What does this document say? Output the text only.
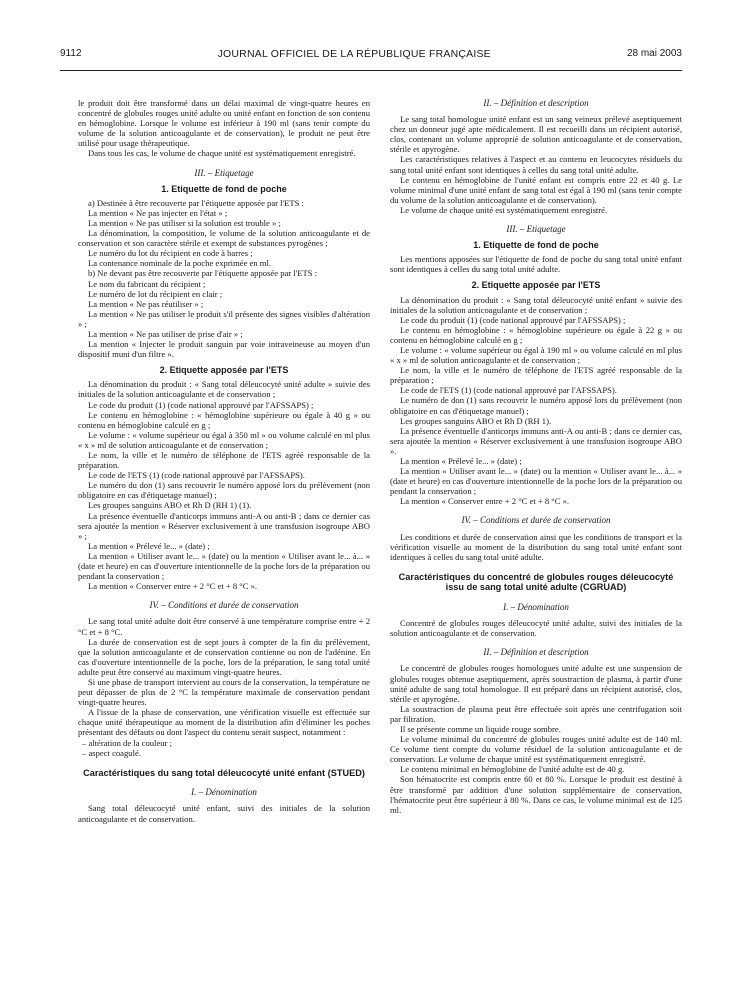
9112	JOURNAL OFFICIEL DE LA RÉPUBLIQUE FRANÇAISE	28 mai 2003

le produit doit être transformé dans un délai maximal de vingt-quatre heures en concentré de globules rouges unité adulte ou unité enfant en fonction de son contenu en hémoglobine. Lorsque le volume est inférieur à 190 ml (sans tenir compte du volume de la solution anticoagulante et de conservation), le produit ne peut être utilisé pour usage thérapeutique.

Dans tous les cas, le volume de chaque unité est systématiquement enregistré.

III. – Etiquetage
1. Etiquette de fond de poche

a) Destinée à être recouverte par l'étiquette apposée par l'ETS :

La mention « Ne pas injecter en l'état » ;

La mention « Ne pas utiliser si la solution est trouble » ;

La dénomination, la composition, le volume de la solution anticoagulante et de conservation et son caractère stérile et exempt de substances pyrogènes ;

Le numéro du lot du récipient en code à barres ;

La contenance nominale de la poche exprimée en ml.

b) Ne devant pas être recouverte par l'étiquette apposée par l'ETS :

Le nom du fabricant du récipient ;

Le numéro de lot du récipient en clair ;

La mention « Ne pas réutiliser » ;

La mention « Ne pas utiliser le produit s'il présente des signes visibles d'altération » ;

La mention « Ne pas utiliser de prise d'air » ;

La mention « Injecter le produit sanguin par voie intraveineuse au moyen d'un dispositif muni d'un filtre ».

2. Etiquette apposée par l'ETS

La dénomination du produit : « Sang total déleucocyté unité adulte » suivie des initiales de la solution anticoagulante et de conservation ;

Le code du produit (1) (code national approuvé par l'AFSSAPS) ;

Le contenu en hémoglobine : « hémoglobine supérieure ou égale à 40 g » ou contenu en hémoglobine calculé en g ;

Le volume : « volume supérieur ou égal à 350 ml » ou volume calculé en ml plus « x » ml de solution anticoagulante et de conservation ;

Le nom, la ville et le numéro de téléphone de l'ETS agréé responsable de la préparation.

Le code de l'ETS (1) (code national approuvé par l'AFSSAPS).

Le numéro du don (1) sans recouvrir le numéro apposé lors du prélèvement (non obligatoire en cas d'étiquetage manuel) ;

Les groupes sanguins ABO et Rh D (RH 1) (1).

La présence éventuelle d'anticorps immuns anti-A ou anti-B ; dans ce dernier cas sera ajoutée la mention « Réserver exclusivement à une transfusion isogroupe ABO » ;

La mention « Prélevé le... » (date) ;

La mention « Utiliser avant le... » (date) ou la mention « Utiliser avant le... à... » (date et heure) en cas d'ouverture intentionnelle de la poche lors de la préparation ou pendant la conservation ;

La mention « Conserver entre + 2 °C et + 8 °C ».

IV. – Conditions et durée de conservation

Le sang total unité adulte doit être conservé à une température comprise entre + 2 °C et + 8 °C.

La durée de conservation est de sept jours à compter de la fin du prélèvement, que la solution anticoagulante et de conservation contienne ou non de l'adénine. En cas d'ouverture intentionnelle de la poche, lors de la préparation, le sang total unité adulte peut être conservé au maximum vingt-quatre heures.

Si une phase de transport intervient au cours de la conservation, la température ne peut dépasser de plus de 2 °C la température maximale de conservation pendant vingt-quatre heures.

A l'issue de la phase de conservation, une vérification visuelle est effectuée sur chaque unité thérapeutique au moment de la distribution afin d'éliminer les poches présentant des défauts ou dont l'aspect du contenu serait suspect, notamment :

– altération de la couleur ;

– aspect coagulé.

Caractéristiques du sang total déleucocyté unité enfant (STUED)
I. – Dénomination

Sang total déleucocyté unité enfant, suivi des initiales de la solution anticoagulante et de conservation.

II. – Définition et description

Le sang total homologue unité enfant est un sang veineux prélevé aseptiquement chez un donneur jugé apte médicalement. Il est recueilli dans un récipient autorisé, clos, contenant un volume approprié de solution anticoagulante et de conservation, stérile et apyrogène.

Les caractéristiques relatives à l'aspect et au contenu en leucocytes résiduels du sang total unité enfant sont identiques à celles du sang total unité adulte.

Le contenu en hémoglobine de l'unité enfant est compris entre 22 et 40 g. Le volume minimal d'une unité enfant de sang total est égal à 190 ml (sans tenir compte du volume de la solution anticoagulante et de conservation).

Le volume de chaque unité est systématiquement enregistré.

III. – Etiquetage
1. Etiquette de fond de poche

Les mentions apposées sur l'étiquette de fond de poche du sang total unité enfant sont identiques à celles du sang total unité adulte.

2. Etiquette apposée par l'ETS

La dénomination du produit : « Sang total déleucocyté unité enfant » suivie des initiales de la solution anticoagulante et de conservation ;

Le code du produit (1) (code national approuvé par l'AFSSAPS) ;

Le contenu en hémoglobine : « hémoglobine supérieure ou égale à 22 g » ou contenu en hémoglobine calculé en g ;

Le volume : « volume supérieur ou égal à 190 ml » ou volume calculé en ml plus « x » ml de solution anticoagulante et de conservation ;

Le nom, la ville et le numéro de téléphone de l'ETS agréé responsable de la préparation ;

Le code de l'ETS (1) (code national approuvé par l'AFSSAPS).

Le numéro de don (1) sans recouvrir le numéro apposé lors du prélèvement (non obligatoire en cas d'étiquetage manuel) ;

Les groupes sanguins ABO et Rh D (RH 1).

La présence éventuelle d'anticorps immuns anti-A ou anti-B ; dans ce dernier cas, sera ajoutée la mention « Réserver exclusivement à une transfusion isogroupe ABO ».

La mention « Prélevé le... » (date) ;

La mention « Utiliser avant le... » (date) ou la mention « Utiliser avant le... à... » (date et heure) en cas d'ouverture intentionnelle de la poche lors de la préparation ou pendant la conservation ;

La mention « Conserver entre + 2 °C et + 8 °C ».

IV. – Conditions et durée de conservation

Les conditions et durée de conservation ainsi que les conditions de transport et la vérification visuelle au moment de la distribution du sang total unité enfant sont identiques à celles du sang total unité adulte.

Caractéristiques du concentré de globules rouges déleucocyté issu de sang total unité adulte (CGRUAD)
I. – Dénomination

Concentré de globules rouges déleucocyté unité adulte, suivi des initiales de la solution anticoagulante et de conservation.

II. – Définition et description

Le concentré de globules rouges homologues unité adulte est une suspension de globules rouges obtenue aseptiquement, après soustraction de plasma, à partir d'une unité adulte de sang total homologue. Il est préparé dans un récipient autorisé, clos, stérile et apyrogène.

La soustraction de plasma peut être effectuée soit après une centrifugation soit par filtration.

Il se présente comme un liquide rouge sombre.

Le volume minimal du concentré de globules rouges unité adulte est de 140 ml. Ce volume tient compte du volume résiduel de la solution anticoagulante et de conservation. Le volume de chaque unité est systématiquement enregistré.

Le contenu minimal en hémoglobine de l'unité adulte est de 40 g.

Son hématocrite est compris entre 60 et 80 %. Lorsque le produit est destiné à être transformé par addition d'une solution supplémentaire de conservation, l'hématocrite peut être supérieur à 80 %. Dans ce cas, le volume minimal est de 125 ml.
